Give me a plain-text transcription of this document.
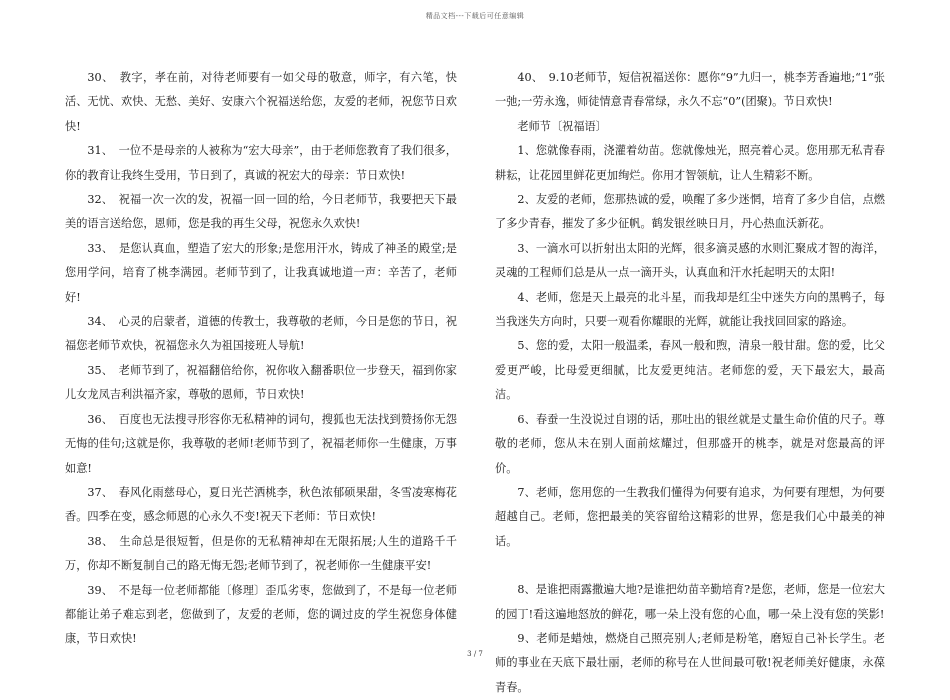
精品文档---下载后可任意编辑

30、　教字，孝在前，对待老师要有一如父母的敬意，师字，有六笔，快活、无忧、欢快、无愁、美好、安康六个祝福送给您，友爱的老师，祝您节日欢快!

31、　一位不是母亲的人被称为“宏大母亲”，由于老师您教育了我们很多，你的教育让我终生受用，节日到了，真诚的祝宏大的母亲：节日欢快!

32、　祝福一次一次的发，祝福一回一回的给，今日老师节，我要把天下最美的语言送给您，恩师，您是我的再生父母，祝您永久欢快!

33、　是您认真血，塑造了宏大的形象;是您用汗水，铸成了神圣的殿堂;是您用学问，培育了桃李满园。老师节到了，让我真诚地道一声：辛苦了，老师好!

34、　心灵的启蒙者，道德的传教士，我尊敬的老师，今日是您的节日，祝福您老师节欢快，祝福您永久为祖国接班人导航!

35、　老师节到了，祝福翻倍给你，祝你收入翻番职位一步登天，福到你家儿女龙凤吉利洪福齐家，尊敬的恩师，节日欢快!

36、　百度也无法搜寻形容你无私精神的词句，搜狐也无法找到赞扬你无怨无悔的佳句;这就是你，我尊敬的老师!老师节到了，祝福老师你一生健康，万事如意!

37、　春风化雨慈母心，夏日光芒洒桃李，秋色浓郁硕果甜，冬雪凌寒梅花香。四季在变，感念师恩的心永久不变!祝天下老师：节日欢快!

38、　生命总是很短暂，但是你的无私精神却在无限拓展;人生的道路千千万，你却不断复制自己的路无悔无怨;老师节到了，祝老师你一生健康平安!

39、　不是每一位老师都能〔修理〕歪瓜劣枣，您做到了，不是每一位老师都能让弟子难忘到老，您做到了，友爱的老师，您的调过皮的学生祝您身体健康，节日欢快!

40、　9.10老师节，短信祝福送你：愿你“9”九归一，桃李芳香遍地;“1”张一弛;一劳永逸，师徒情意青春常绿，永久不忘“0”(团聚)。节日欢快!

老师节〔祝福语〕

1、您就像春雨，浇灌着幼苗。您就像烛光，照亮着心灵。您用那无私青春耕耘，让花园里鲜花更加绚烂。你用才智领航，让人生精彩不断。

2、友爱的老师，您那热诚的爱，唤醒了多少迷惘，培育了多少自信，点燃了多少青春，摧发了多少征帆。鹤发银丝映日月，丹心热血沃新花。

3、一滴水可以折射出太阳的光辉，很多滴灵感的水则汇聚成才智的海洋，灵魂的工程师们总是从一点一滴开头，认真血和汗水托起明天的太阳!

4、老师，您是天上最亮的北斗星，而我却是红尘中迷失方向的黑鸭子，每当我迷失方向时，只要一观看你耀眼的光辉，就能让我找回回家的路途。

5、您的爱，太阳一般温柔，春风一般和煦，清泉一般甘甜。您的爱，比父爱更严峻，比母爱更细腻，比友爱更纯洁。老师您的爱，天下最宏大，最高洁。

6、春蚕一生没说过自诩的话，那吐出的银丝就是丈量生命价值的尺子。尊敬的老师，您从未在别人面前炫耀过，但那盛开的桃李，就是对您最高的评价。

7、老师，您用您的一生教我们懂得为何要有追求，为何要有理想，为何要超越自己。老师，您把最美的笑容留给这精彩的世界，您是我们心中最美的神话。

8、是谁把雨露撒遍大地?是谁把幼苗辛勤培育?是您，老师，您是一位宏大的园丁!看这遍地怒放的鲜花，哪一朵上没有您的心血，哪一朵上没有您的笑影!

9、老师是蜡烛，燃烧自己照亮别人;老师是粉笔，磨短自己补长学生。老师的事业在天底下最壮丽，老师的称号在人世间最可敬!祝老师美好健康，永葆青春。

3 / 7
